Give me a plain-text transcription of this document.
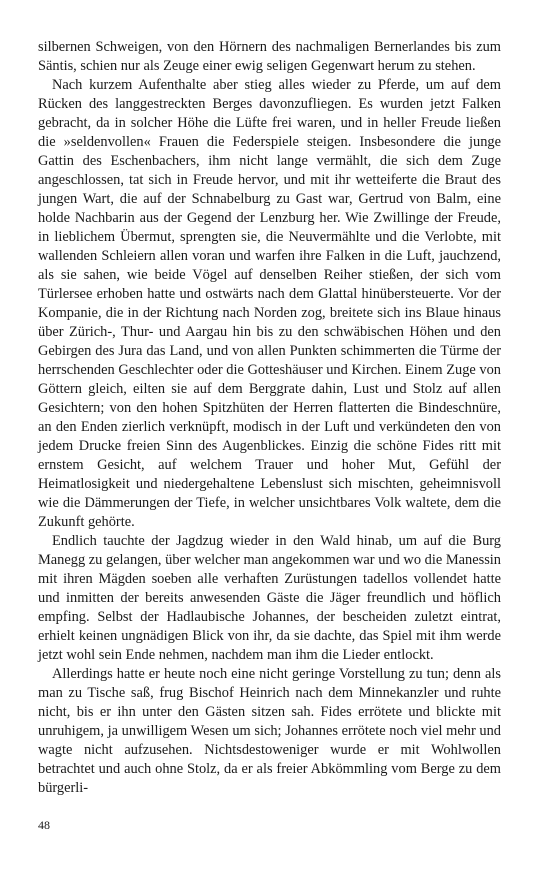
silbernen Schweigen, von den Hörnern des nachmaligen Bernerlandes bis zum Säntis, schien nur als Zeuge einer ewig seligen Gegenwart herum zu stehen.

Nach kurzem Aufenthalte aber stieg alles wieder zu Pferde, um auf dem Rücken des langgestreckten Berges davonzufliegen. Es wurden jetzt Falken gebracht, da in solcher Höhe die Lüfte frei waren, und in heller Freude ließen die »seldenvollen« Frauen die Federspiele steigen. Insbesondere die junge Gattin des Eschenbachers, ihm nicht lange vermählt, die sich dem Zuge angeschlossen, tat sich in Freude hervor, und mit ihr wetteiferte die Braut des jungen Wart, die auf der Schnabelburg zu Gast war, Gertrud von Balm, eine holde Nachbarin aus der Gegend der Lenzburg her. Wie Zwillinge der Freude, in lieblichem Übermut, sprengten sie, die Neuvermählte und die Verlobte, mit wallenden Schleiern allen voran und warfen ihre Falken in die Luft, jauchzend, als sie sahen, wie beide Vögel auf denselben Reiher stießen, der sich vom Türlersee erhoben hatte und ostwärts nach dem Glattal hinübersteuerte. Vor der Kompanie, die in der Richtung nach Norden zog, breitete sich ins Blaue hinaus über Zürich-, Thur- und Aargau hin bis zu den schwäbischen Höhen und den Gebirgen des Jura das Land, und von allen Punkten schimmerten die Türme der herrschenden Geschlechter oder die Gotteshäuser und Kirchen. Einem Zuge von Göttern gleich, eilten sie auf dem Berggrate dahin, Lust und Stolz auf allen Gesichtern; von den hohen Spitzhüten der Herren flatterten die Bindeschnüre, an den Enden zierlich verknüpft, modisch in der Luft und verkündeten den von jedem Drucke freien Sinn des Augenblickes. Einzig die schöne Fides ritt mit ernstem Gesicht, auf welchem Trauer und hoher Mut, Gefühl der Heimatlosigkeit und niedergehaltene Lebenslust sich mischten, geheimnisvoll wie die Dämmerungen der Tiefe, in welcher unsichtbares Volk waltete, dem die Zukunft gehörte.

Endlich tauchte der Jagdzug wieder in den Wald hinab, um auf die Burg Manegg zu gelangen, über welcher man angekommen war und wo die Manessin mit ihren Mägden soeben alle verhaften Zurüstungen tadellos vollendet hatte und inmitten der bereits anwesenden Gäste die Jäger freundlich und höflich empfing. Selbst der Hadlaubische Johannes, der bescheiden zuletzt eintrat, erhielt keinen ungnädigen Blick von ihr, da sie dachte, das Spiel mit ihm werde jetzt wohl sein Ende nehmen, nachdem man ihm die Lieder entlockt.

Allerdings hatte er heute noch eine nicht geringe Vorstellung zu tun; denn als man zu Tische saß, frug Bischof Heinrich nach dem Minnekanzler und ruhte nicht, bis er ihn unter den Gästen sitzen sah. Fides errötete und blickte mit unruhigem, ja unwilligem Wesen um sich; Johannes errötete noch viel mehr und wagte nicht aufzusehen. Nichtsdestoweniger wurde er mit Wohlwollen betrachtet und auch ohne Stolz, da er als freier Abkömmling vom Berge zu dem bürgerli-

48
